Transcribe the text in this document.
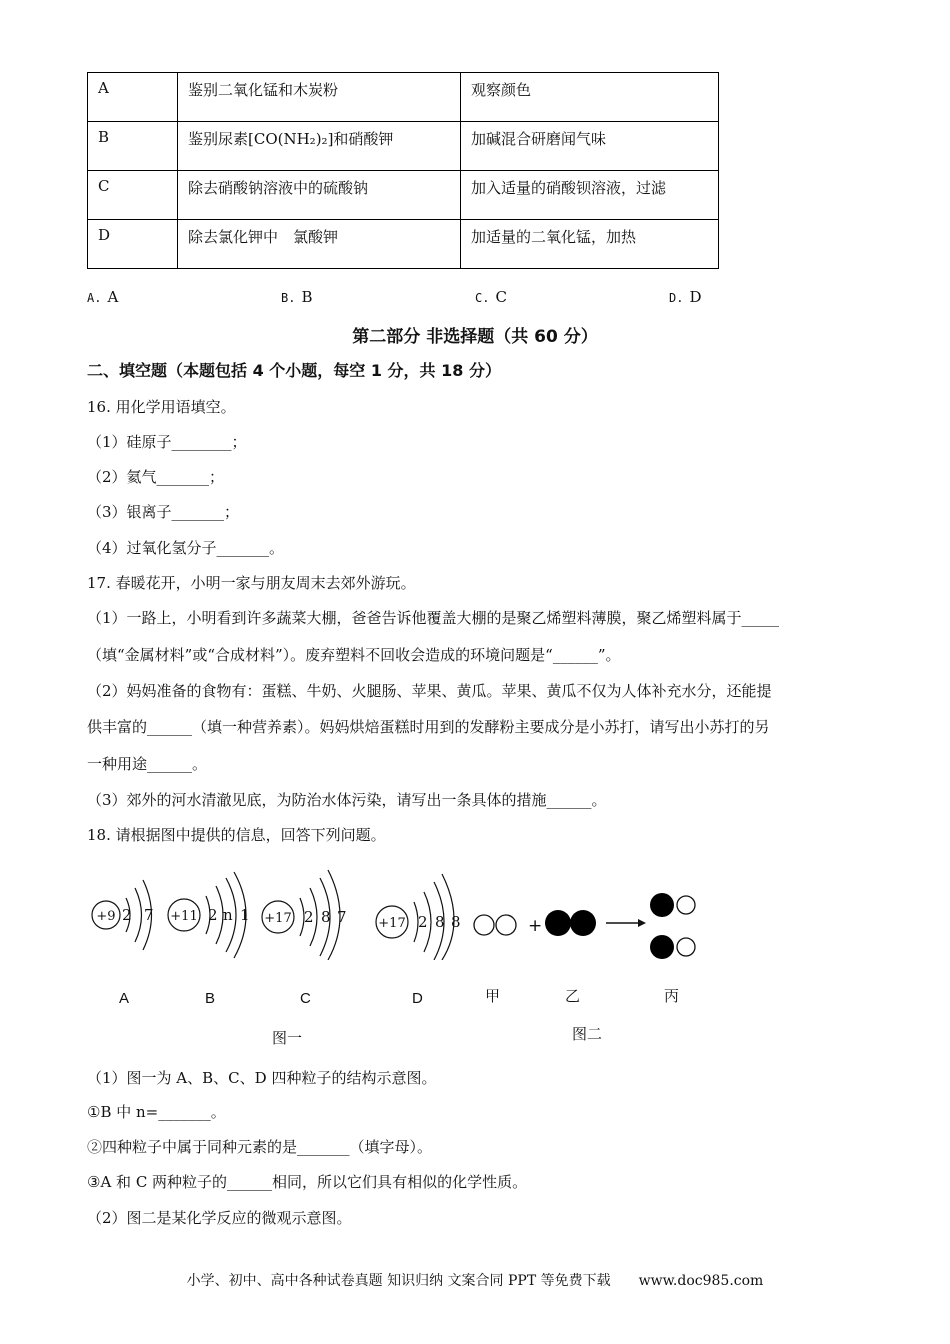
A	鉴别二氧化锰和木炭粉	观察颜色
B	鉴别尿素[CO(NH₂)₂]和硝酸钾	加碱混合研磨闻气味
C	除去硝酸钠溶液中的硫酸钠	加入适量的硝酸钡溶液，过滤
D	除去氯化钾中　氯酸钾	加适量的二氧化锰，加热
A. A	B. B	C. C	D. D
第二部分 非选择题（共 60 分）
二、填空题（本题包括 4 个小题，每空 1 分，共 18 分）
16. 用化学用语填空。
（1）硅原子________；
（2）氦气_______；
（3）银离子_______；
（4）过氧化氢分子_______。
17. 春暖花开，小明一家与朋友周末去郊外游玩。
（1）一路上，小明看到许多蔬菜大棚，爸爸告诉他覆盖大棚的是聚乙烯塑料薄膜，聚乙烯塑料属于_____
（填“金属材料”或“合成材料”）。废弃塑料不回收会造成的环境问题是“______”。
（2）妈妈准备的食物有：蛋糕、牛奶、火腿肠、苹果、黄瓜。苹果、黄瓜不仅为人体补充水分，还能提
供丰富的______（填一种营养素）。妈妈烘焙蛋糕时用到的发酵粉主要成分是小苏打，请写出小苏打的另
一种用途______。
（3）郊外的河水清澈见底，为防治水体污染，请写出一条具体的措施______。
18. 请根据图中提供的信息，回答下列问题。
+9 2 7 +11 2 n 1 +17 2 8 7 +17 2 8 8
A	B	C	D
图一
+
甲	乙	丙
图二
（1）图一为 A、B、C、D 四种粒子的结构示意图。
①B 中 n=_______。
②四种粒子中属于同种元素的是_______（填字母）。
③A 和 C 两种粒子的______相同，所以它们具有相似的化学性质。
（2）图二是某化学反应的微观示意图。
小学、初中、高中各种试卷真题 知识归纳 文案合同 PPT 等免费下载　　www.doc985.com
